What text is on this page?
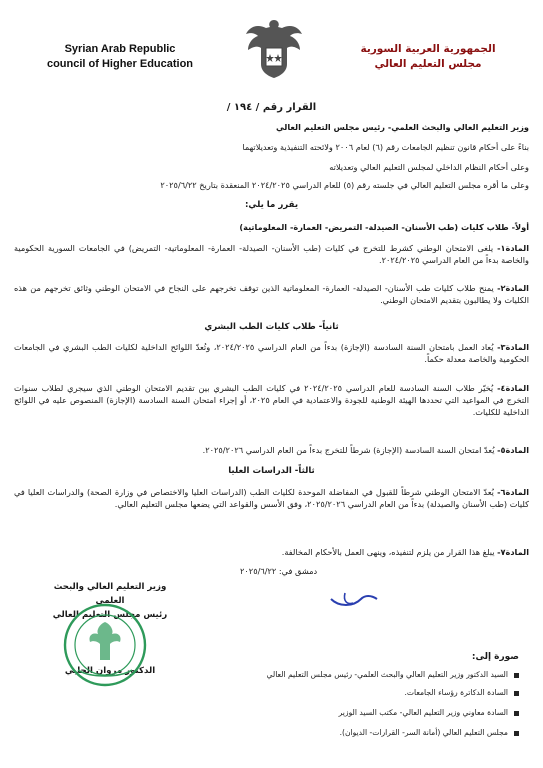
Syrian Arab Republic
council of Higher Education
الجمهورية العربية السورية
مجلس التعليم العالي
القرار رقم / ١٩٤ /
وزير التعليم العالي والبحث العلمي- رئيس مجلس التعليم العالي
بناءً على أحكام قانون تنظيم الجامعات رقم (٦) لعام ٢٠٠٦ ولائحته التنفيذية وتعديلاتهما
وعلى أحكام النظام الداخلي لمجلس التعليم العالي وتعديلاته
وعلى ما أقره مجلس التعليم العالي في جلسته رقم (٥) للعام الدراسي ٢٠٢٤/٢٠٢٥ المنعقدة بتاريخ ٢٠٢٥/٦/٢٢
يقرر ما يلي:
أولاً- طلاب كليات (طب الأسنان- الصيدلة- التمريض- العمارة- المعلوماتية)
المادة١- يلغى الامتحان الوطني كشرط للتخرج في كليات (طب الأسنان- الصيدلة- العمارة- المعلوماتية- التمريض) في الجامعات السورية الحكومية والخاصة بدءاً من العام الدراسي ٢٠٢٤/٢٠٢٥.
المادة٢- يمنح طلاب كليات طب الأسنان- الصيدلة- العمارة- المعلوماتية الذين توقف تخرجهم على النجاح في الامتحان الوطني وثائق تخرجهم من هذه الكليات ولا يطالبون بتقديم الامتحان الوطني.
ثانياً- طلاب كليات الطب البشري
المادة٣- يُعاد العمل بامتحان السنة السادسة (الإجازة) بدءاً من العام الدراسي ٢٠٢٤/٢٠٢٥، وتُعدّ اللوائح الداخلية لكليات الطب البشري في الجامعات الحكومية والخاصة معدلة حكماً.
المادة٤- يُخيّر طلاب السنة السادسة للعام الدراسي ٢٠٢٤/٢٠٢٥ في كليات الطب البشري بين تقديم الامتحان الوطني الذي سيجري لطلاب سنوات التخرج في المواعيد التي تحددها الهيئة الوطنية للجودة والاعتمادية في العام ٢٠٢٥، أو إجراء امتحان السنة السادسة (الإجازة) المنصوص عليه في اللوائح الداخلية للكليات.
المادة٥- يُعدّ امتحان السنة السادسة (الإجازة) شرطاً للتخرج بدءاً من العام الدراسي ٢٠٢٥/٢٠٢٦.
ثالثاً- الدراسات العليا
المادة٦- يُعدّ الامتحان الوطني شرطاً للقبول في المفاضلة الموحدة لكليات الطب (الدراسات العليا والاختصاص في وزارة الصحة) والدراسات العليا في كليات (طب الأسنان والصيدلة) بدءاً من العام الدراسي ٢٠٢٥/٢٠٢٦، وفق الأسس والقواعد التي يضعها مجلس التعليم العالي.
المادة٧- يبلغ هذا القرار من يلزم لتنفيذه، وينهى العمل بالأحكام المخالفة.
دمشق في: ٢٠٢٥/٦/٢٢
وزير التعليم العالي والبحث العلمي
رئيس مجلس التعليم العالي
الدكتور مروان الحلبي
صورة إلى:
السيد الدكتور وزير التعليم العالي والبحث العلمي- رئيس مجلس التعليم العالي
السادة الدكاترة رؤساء الجامعات.
السادة معاوني وزير التعليم العالي- مكتب السيد الوزير
مجلس التعليم العالي (أمانة السر- القرارات- الديوان).
